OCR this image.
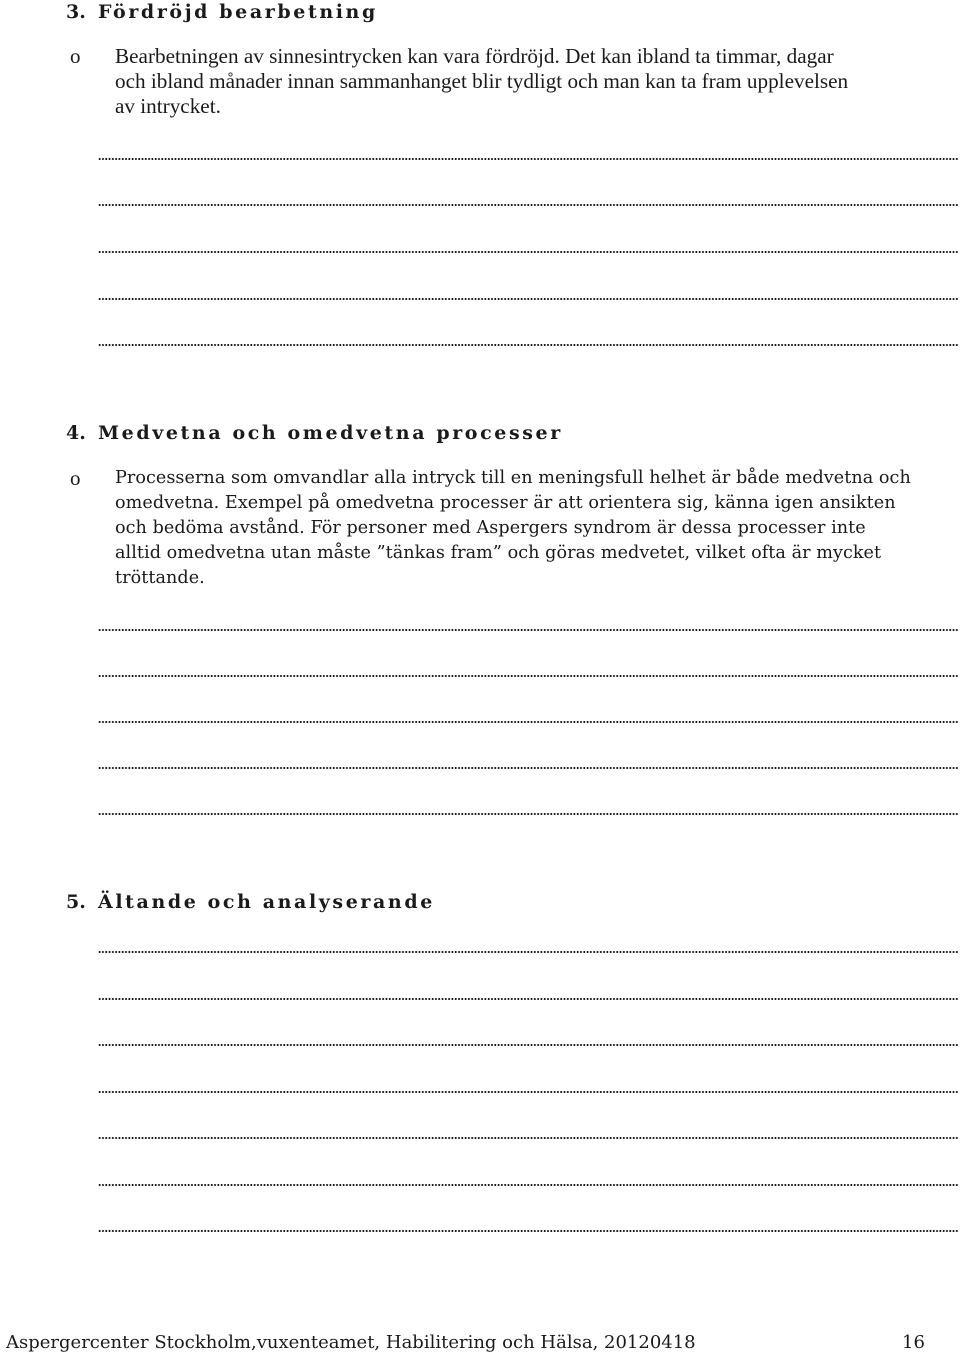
3. Fördröjd bearbetning
o Bearbetningen av sinnesintrycken kan vara fördröjd. Det kan ibland ta timmar, dagar
och ibland månader innan sammanhanget blir tydligt och man kan ta fram upplevelsen
av intrycket.
4. Medvetna och omedvetna processer
o Processerna som omvandlar alla intryck till en meningsfull helhet är både medvetna och
omedvetna. Exempel på omedvetna processer är att orientera sig, känna igen ansikten
och bedöma avstånd. För personer med Aspergers syndrom är dessa processer inte
alltid omedvetna utan måste ”tänkas fram” och göras medvetet, vilket ofta är mycket
tröttande.
5. Ältande och analyserande
Aspergercenter Stockholm,vuxenteamet, Habilitering och Hälsa, 20120418	16
